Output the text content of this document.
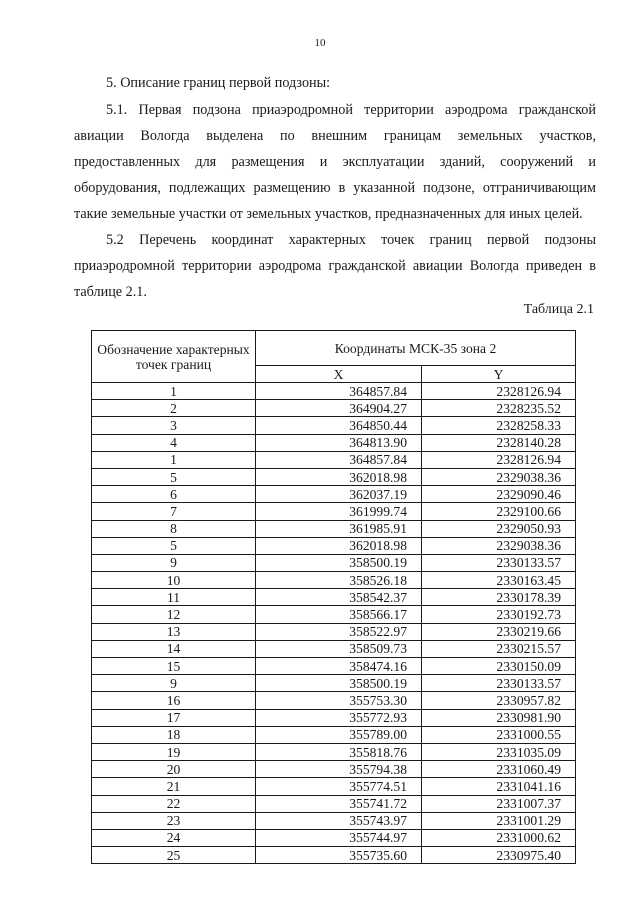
10
5. Описание границ первой подзоны:
5.1. Первая подзона приаэродромной территории аэродрома гражданской авиации Вологда выделена по внешним границам земельных участков, предоставленных для размещения и эксплуатации зданий, сооружений и оборудования, подлежащих размещению в указанной подзоне, отграничивающим такие земельные участки от земельных участков, предназначенных для иных целей.
5.2 Перечень координат характерных точек границ первой подзоны приаэродромной территории аэродрома гражданской авиации Вологда приведен в таблице 2.1.
Таблица 2.1
Обозначение характерных точек границ	Координаты МСК-35 зона 2	
	X	Y
1	364857.84	2328126.94
2	364904.27	2328235.52
3	364850.44	2328258.33
4	364813.90	2328140.28
1	364857.84	2328126.94
5	362018.98	2329038.36
6	362037.19	2329090.46
7	361999.74	2329100.66
8	361985.91	2329050.93
5	362018.98	2329038.36
9	358500.19	2330133.57
10	358526.18	2330163.45
11	358542.37	2330178.39
12	358566.17	2330192.73
13	358522.97	2330219.66
14	358509.73	2330215.57
15	358474.16	2330150.09
9	358500.19	2330133.57
16	355753.30	2330957.82
17	355772.93	2330981.90
18	355789.00	2331000.55
19	355818.76	2331035.09
20	355794.38	2331060.49
21	355774.51	2331041.16
22	355741.72	2331007.37
23	355743.97	2331001.29
24	355744.97	2331000.62
25	355735.60	2330975.40
